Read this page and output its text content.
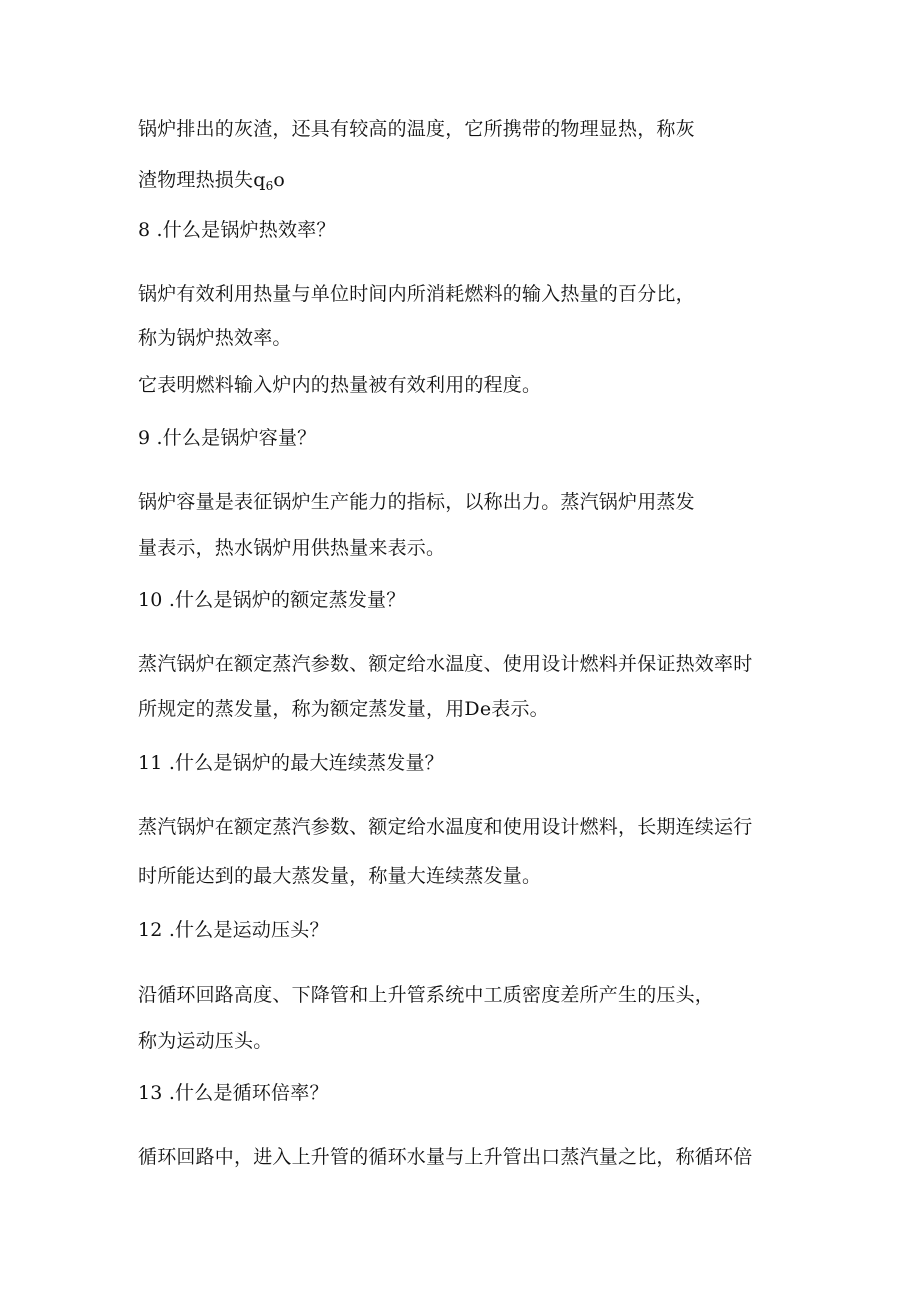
锅炉排出的灰渣，还具有较高的温度，它所携带的物理显热，称灰
渣物理热损失$q_6o$
8 .什么是锅炉热效率？
锅炉有效利用热量与单位时间内所消耗燃料的输入热量的百分比，
称为锅炉热效率。
它表明燃料输入炉内的热量被有效利用的程度。
9 .什么是锅炉容量？
锅炉容量是表征锅炉生产能力的指标，以称出力。蒸汽锅炉用蒸发
量表示，热水锅炉用供热量来表示。
10 .什么是锅炉的额定蒸发量？
蒸汽锅炉在额定蒸汽参数、额定给水温度、使用设计燃料并保证热效率时
所规定的蒸发量，称为额定蒸发量，用De表示。
11 .什么是锅炉的最大连续蒸发量？
蒸汽锅炉在额定蒸汽参数、额定给水温度和使用设计燃料，长期连续运行
时所能达到的最大蒸发量，称量大连续蒸发量。
12 .什么是运动压头？
沿循环回路高度、下降管和上升管系统中工质密度差所产生的压头，
称为运动压头。
13 .什么是循环倍率？
循环回路中，进入上升管的循环水量与上升管出口蒸汽量之比，称循环倍
